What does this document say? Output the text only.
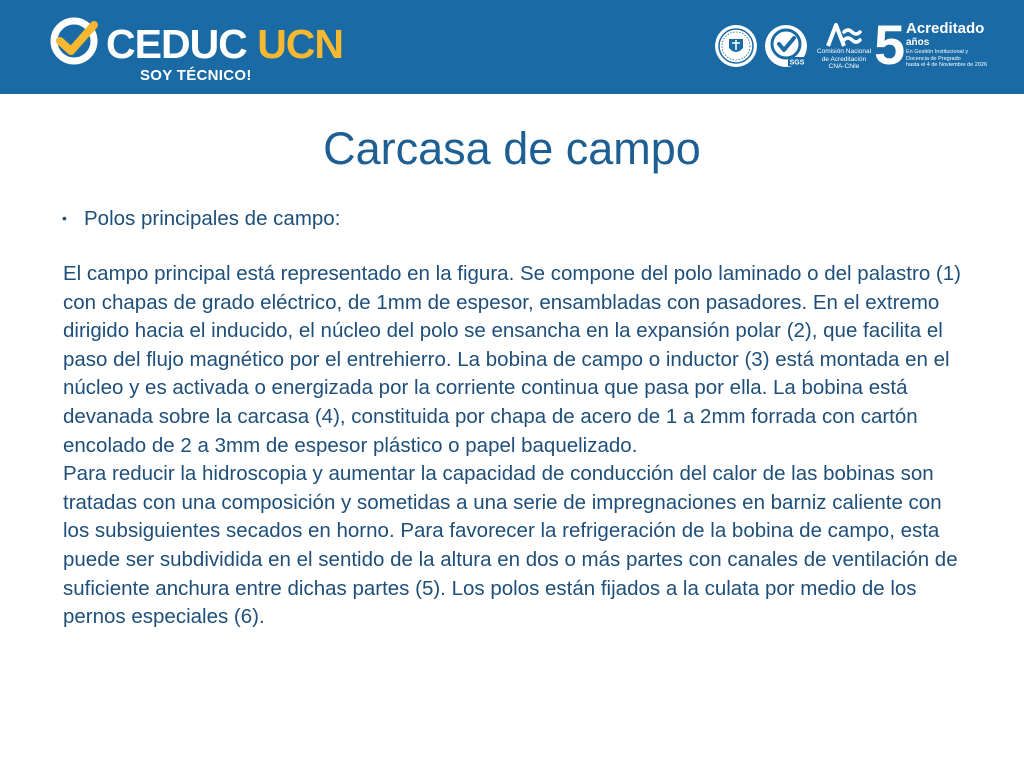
CEDUC UCN
SOY TÉCNICO!
SGS
Comisión Nacional
de Acreditación
CNA-Chile 5 Acreditado
años
En Gestión Institucional y
Docencia de Pregrado
hasta el 4 de Noviembre de 2026
Carcasa de campo
• Polos principales de campo:

El campo principal está representado en la figura. Se compone del polo laminado o del palastro (1) con chapas de grado eléctrico, de 1mm de espesor, ensambladas con pasadores. En el extremo dirigido hacia el inducido, el núcleo del polo se ensancha en la expansión polar (2), que facilita el paso del flujo magnético por el entrehierro. La bobina de campo o inductor (3) está montada en el núcleo y es activada o energizada por la corriente continua que pasa por ella. La bobina está devanada sobre la carcasa (4), constituida por chapa de acero de 1 a 2mm forrada con cartón encolado de 2 a 3mm de espesor plástico o papel baquelizado.

Para reducir la hidroscopia y aumentar la capacidad de conducción del calor de las bobinas son tratadas con una composición y sometidas a una serie de impregnaciones en barniz caliente con los subsiguientes secados en horno. Para favorecer la refrigeración de la bobina de campo, esta puede ser subdividida en el sentido de la altura en dos o más partes con canales de ventilación de suficiente anchura entre dichas partes (5). Los polos están fijados a la culata por medio de los pernos especiales (6).
